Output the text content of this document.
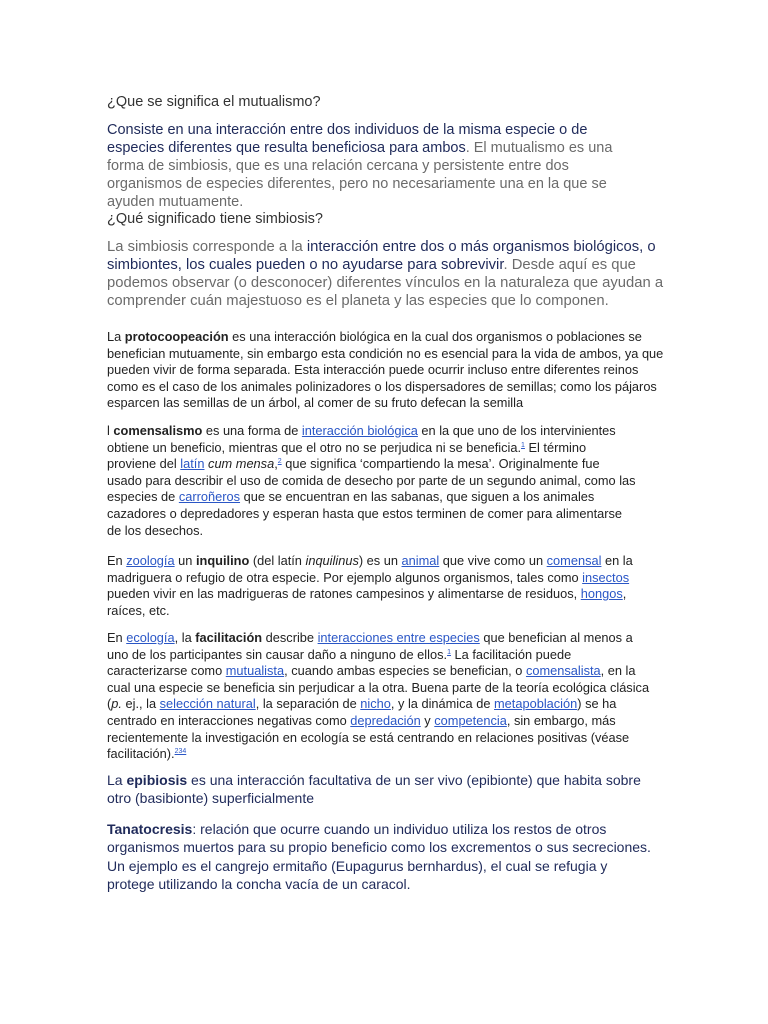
¿Que se significa el mutualismo?

Consiste en una interacción entre dos individuos de la misma especie o de especies diferentes que resulta beneficiosa para ambos. El mutualismo es una forma de simbiosis, que es una relación cercana y persistente entre dos organismos de especies diferentes, pero no necesariamente una en la que se ayuden mutuamente.

¿Qué significado tiene simbiosis?

La simbiosis corresponde a la interacción entre dos o más organismos biológicos, o simbiontes, los cuales pueden o no ayudarse para sobrevivir. Desde aquí es que podemos observar (o desconocer) diferentes vínculos en la naturaleza que ayudan a comprender cuán majestuoso es el planeta y las especies que lo componen.

La protocoopeación es una interacción biológica en la cual dos organismos o poblaciones se benefician mutuamente, sin embargo esta condición no es esencial para la vida de ambos, ya que pueden vivir de forma separada. Esta interacción puede ocurrir incluso entre diferentes reinos como es el caso de los animales polinizadores o los dispersadores de semillas; como los pájaros esparcen las semillas de un árbol, al comer de su fruto defecan la semilla

l comensalismo es una forma de interacción biológica en la que uno de los intervinientes obtiene un beneficio, mientras que el otro no se perjudica ni se beneficia.$^1$ El término proviene del latín cum mensa,$^2$ que significa ‘compartiendo la mesa’. Originalmente fue usado para describir el uso de comida de desecho por parte de un segundo animal, como las especies de carroñeros que se encuentran en las sabanas, que siguen a los animales cazadores o depredadores y esperan hasta que estos terminen de comer para alimentarse de los desechos.

En zoología un inquilino (del latín inquilinus) es un animal que vive como un comensal en la madriguera o refugio de otra especie. Por ejemplo algunos organismos, tales como insectos pueden vivir en las madrigueras de ratones campesinos y alimentarse de residuos, hongos, raíces, etc.

En ecología, la facilitación describe interacciones entre especies que benefician al menos a uno de los participantes sin causar daño a ninguno de ellos.$^1$ La facilitación puede caracterizarse como mutualista, cuando ambas especies se benefician, o comensalista, en la cual una especie se beneficia sin perjudicar a la otra. Buena parte de la teoría ecológica clásica (p. ej., la selección natural, la separación de nicho, y la dinámica de metapoblación) se ha centrado en interacciones negativas como depredación y competencia, sin embargo, más recientemente la investigación en ecología se está centrando en relaciones positivas (véase facilitación).$^{234}$

La epibiosis es una interacción facultativa de un ser vivo (epibionte) que habita sobre otro (basibionte) superficialmente

Tanatocresis: relación que ocurre cuando un individuo utiliza los restos de otros organismos muertos para su propio beneficio como los excrementos o sus secreciones. Un ejemplo es el cangrejo ermitaño (Eupagurus bernhardus), el cual se refugia y protege utilizando la concha vacía de un caracol.
